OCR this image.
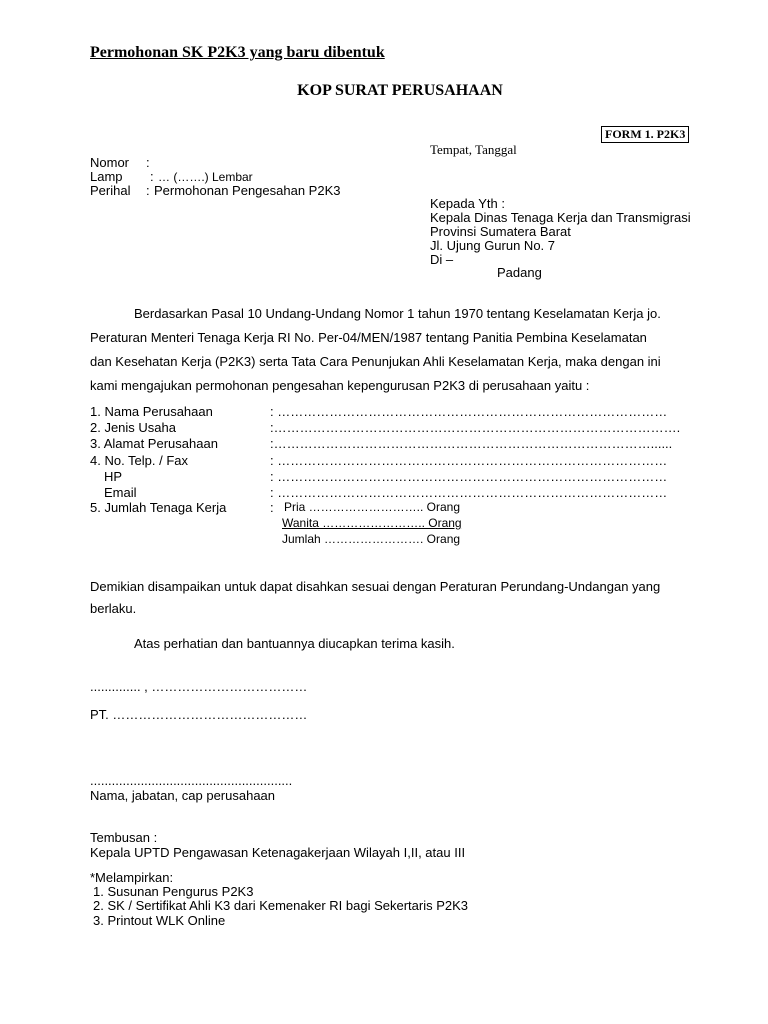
Permohonan SK P2K3 yang baru dibentuk
KOP SURAT PERUSAHAAN
FORM 1. P2K3
Tempat, Tanggal
Nomor :
Lamp : … (…….) Lembar
Perihal : Permohonan Pengesahan P2K3
Kepada Yth :
Kepala Dinas Tenaga Kerja dan Transmigrasi
Provinsi Sumatera Barat
Jl. Ujung Gurun No. 7
Di –
Padang
Berdasarkan Pasal 10 Undang-Undang Nomor 1 tahun 1970 tentang Keselamatan Kerja jo.
Peraturan Menteri Tenaga Kerja RI No. Per-04/MEN/1987 tentang Panitia Pembina Keselamatan
dan Kesehatan Kerja (P2K3) serta Tata Cara Penunjukan Ahli Keselamatan Kerja, maka dengan ini
kami mengajukan permohonan pengesahan kepengurusan P2K3 di perusahaan yaitu :
1. Nama Perusahaan	: ………………………………………………………………………………
2. Jenis Usaha	:………………………………………………………………………………….
3. Alamat Perusahaan	:……………………………………………………………………………......
4. No. Telp. / Fax	: ………………………………………………………………………………
HP	: ………………………………………………………………………………
Email	: ………………………………………………………………………………
5. Jumlah Tenaga Kerja	: Pria ……………………….. Orang
Wanita …………………….. Orang
Jumlah ……………………. Orang
Demikian disampaikan untuk dapat disahkan sesuai dengan Peraturan Perundang-Undangan yang
berlaku.
Atas perhatian dan bantuannya diucapkan terima kasih.
.............. , ………………………………
PT. ………………………………………
........................................................
Nama, jabatan, cap perusahaan
Tembusan :
Kepala UPTD Pengawasan Ketenagakerjaan Wilayah I,II, atau III
*Melampirkan:
1. Susunan Pengurus P2K3
2. SK / Sertifikat Ahli K3 dari Kemenaker RI bagi Sekertaris P2K3
3. Printout WLK Online
